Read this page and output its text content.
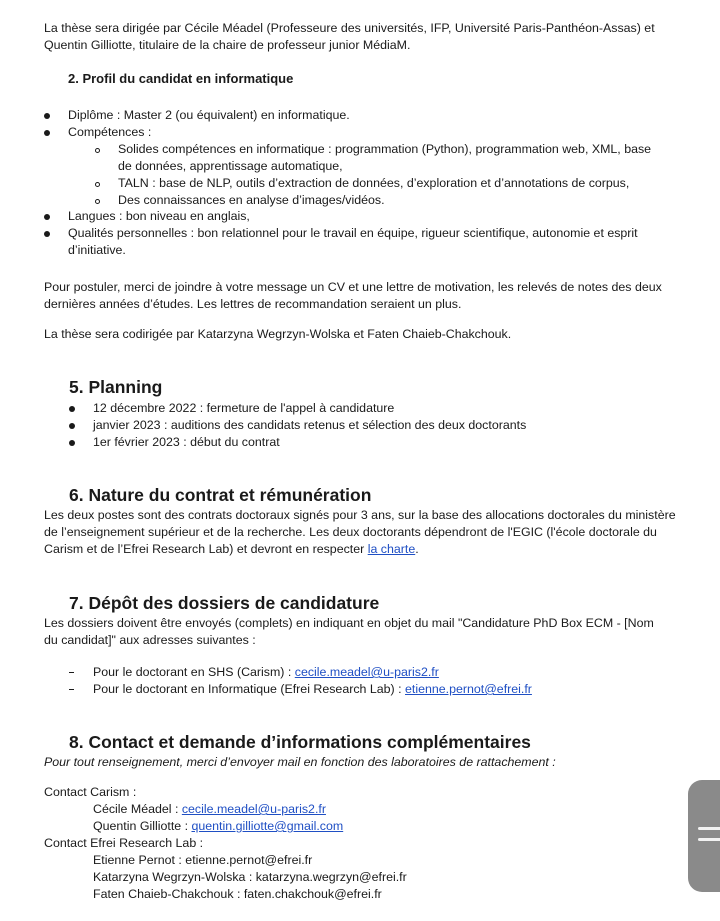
La thèse sera dirigée par Cécile Méadel (Professeure des universités, IFP, Université Paris-Panthéon-Assas) et
Quentin Gilliotte, titulaire de la chaire de professeur junior MédiaM.
2. Profil du candidat en informatique
Diplôme : Master 2 (ou équivalent) en informatique.
Compétences :
Solides compétences en informatique : programmation (Python), programmation web, XML, base
de données, apprentissage automatique,
TALN : base de NLP, outils d’extraction de données, d’exploration et d’annotations de corpus,
Des connaissances en analyse d’images/vidéos.
Langues : bon niveau en anglais,
Qualités personnelles : bon relationnel pour le travail en équipe, rigueur scientifique, autonomie et esprit
d’initiative.
Pour postuler, merci de joindre à votre message un CV et une lettre de motivation, les relevés de notes des deux
dernières années d’études. Les lettres de recommandation seraient un plus.
La thèse sera codirigée par Katarzyna Wegrzyn-Wolska et Faten Chaieb-Chakchouk.
5. Planning
12 décembre 2022 : fermeture de l'appel à candidature
janvier 2023 : auditions des candidats retenus et sélection des deux doctorants
1er février 2023 : début du contrat
6. Nature du contrat et rémunération
Les deux postes sont des contrats doctoraux signés pour 3 ans, sur la base des allocations doctorales du ministère
de l’enseignement supérieur et de la recherche. Les deux doctorants dépendront de l'EGIC (l'école doctorale du
Carism et de l’Efrei Research Lab) et devront en respecter la charte.
7. Dépôt des dossiers de candidature
Les dossiers doivent être envoyés (complets) en indiquant en objet du mail "Candidature PhD Box ECM - [Nom
du candidat]" aux adresses suivantes :
Pour le doctorant en SHS (Carism) : cecile.meadel@u-paris2.fr
Pour le doctorant en Informatique (Efrei Research Lab) : etienne.pernot@efrei.fr
8. Contact et demande d’informations complémentaires
Pour tout renseignement, merci d’envoyer mail en fonction des laboratoires de rattachement :
Contact Carism :
Cécile Méadel : cecile.meadel@u-paris2.fr
Quentin Gilliotte : quentin.gilliotte@gmail.com
Contact Efrei Research Lab :
Etienne Pernot : etienne.pernot@efrei.fr
Katarzyna Wegrzyn-Wolska : katarzyna.wegrzyn@efrei.fr
Faten Chaieb-Chakchouk : faten.chakchouk@efrei.fr
